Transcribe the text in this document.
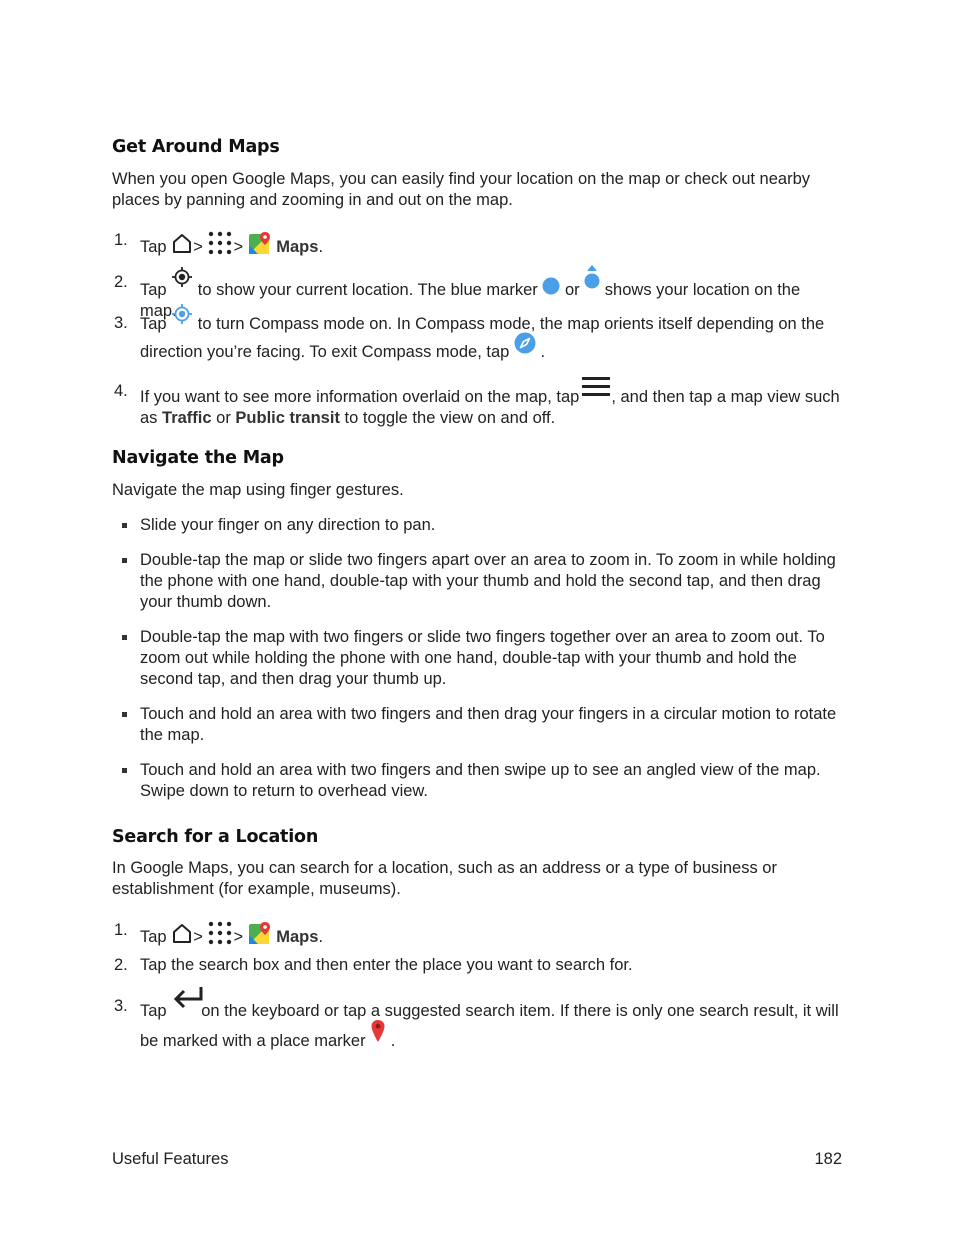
Get Around Maps

When you open Google Maps, you can easily find your location on the map or check out nearby places by panning and zooming in and out on the map.

1. Tap > > Maps.
2. Tap to show your current location. The blue marker or shows your location on the map.
3. Tap to turn Compass mode on. In Compass mode, the map orients itself depending on the
direction you’re facing. To exit Compass mode, tap .
4. If you want to see more information overlaid on the map, tap , and then tap a map view such
as Traffic or Public transit to toggle the view on and off.
Navigate the Map

Navigate the map using finger gestures.

Slide your finger on any direction to pan.
Double-tap the map or slide two fingers apart over an area to zoom in. To zoom in while holding the phone with one hand, double-tap with your thumb and hold the second tap, and then drag your thumb down.
Double-tap the map with two fingers or slide two fingers together over an area to zoom out. To zoom out while holding the phone with one hand, double-tap with your thumb and hold the second tap, and then drag your thumb up.
Touch and hold an area with two fingers and then drag your fingers in a circular motion to rotate the map.
Touch and hold an area with two fingers and then swipe up to see an angled view of the map. Swipe down to return to overhead view.
Search for a Location

In Google Maps, you can search for a location, such as an address or a type of business or establishment (for example, museums).

1. Tap > > Maps.
2. Tap the search box and then enter the place you want to search for.
3. Tap on the keyboard or tap a suggested search item. If there is only one search result, it will
be marked with a place marker .
Useful Features	182
